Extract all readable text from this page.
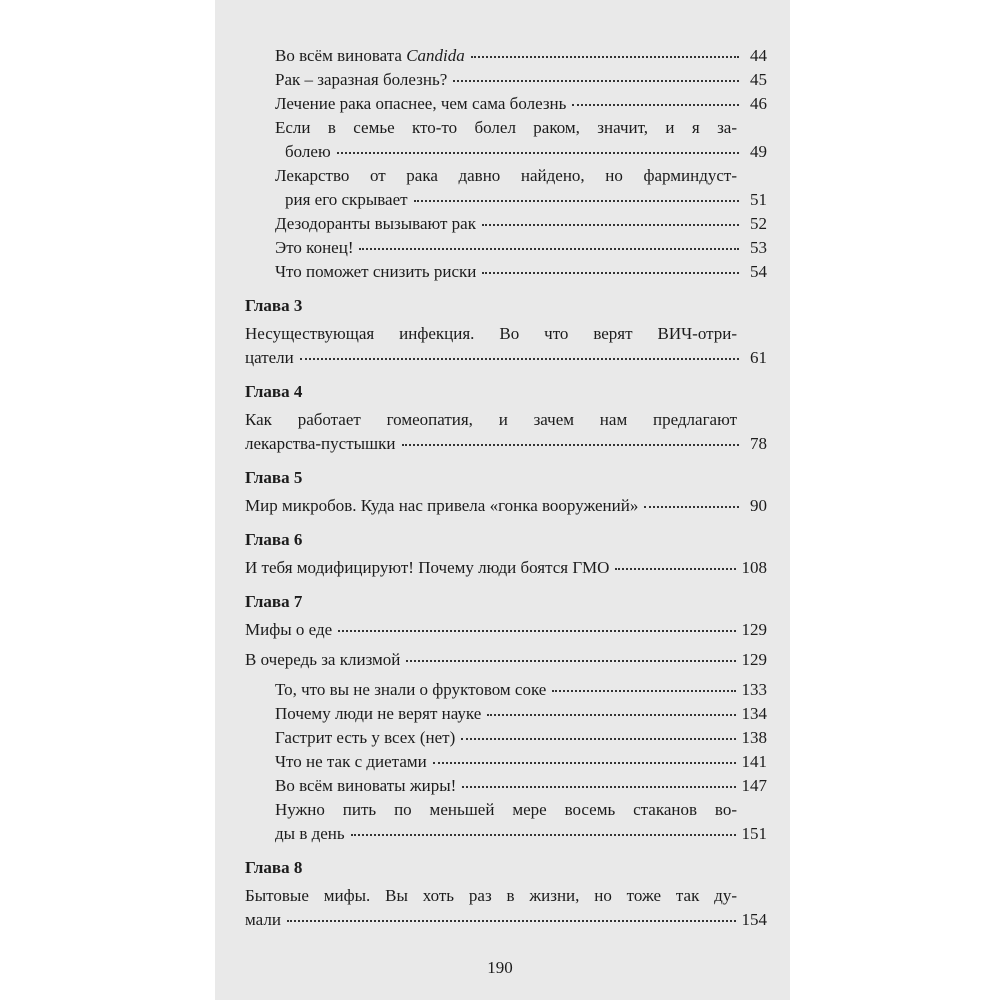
Во всём виновата Candida	44
Рак – заразная болезнь?	45
Лечение рака опаснее, чем сама болезнь	46
Если в семье кто-то болел раком, значит, и я за-
болею	49
Лекарство от рака давно найдено, но фарминдуст-
рия его скрывает	51
Дезодоранты вызывают рак	52
Это конец!	53
Что поможет снизить риски	54
Глава 3
Несуществующая инфекция. Во что верят ВИЧ-отри-
цатели	61
Глава 4
Как работает гомеопатия, и зачем нам предлагают
лекарства-пустышки	78
Глава 5
Мир микробов. Куда нас привела «гонка вооружений»	90
Глава 6
И тебя модифицируют! Почему люди боятся ГМО	108
Глава 7
Мифы о еде	129
В очередь за клизмой	129
То, что вы не знали о фруктовом соке	133
Почему люди не верят науке	134
Гастрит есть у всех (нет)	138
Что не так с диетами	141
Во всём виноваты жиры!	147
Нужно пить по меньшей мере восемь стаканов во-
ды в день	151
Глава 8
Бытовые мифы. Вы хоть раз в жизни, но тоже так ду-
мали	154
190
